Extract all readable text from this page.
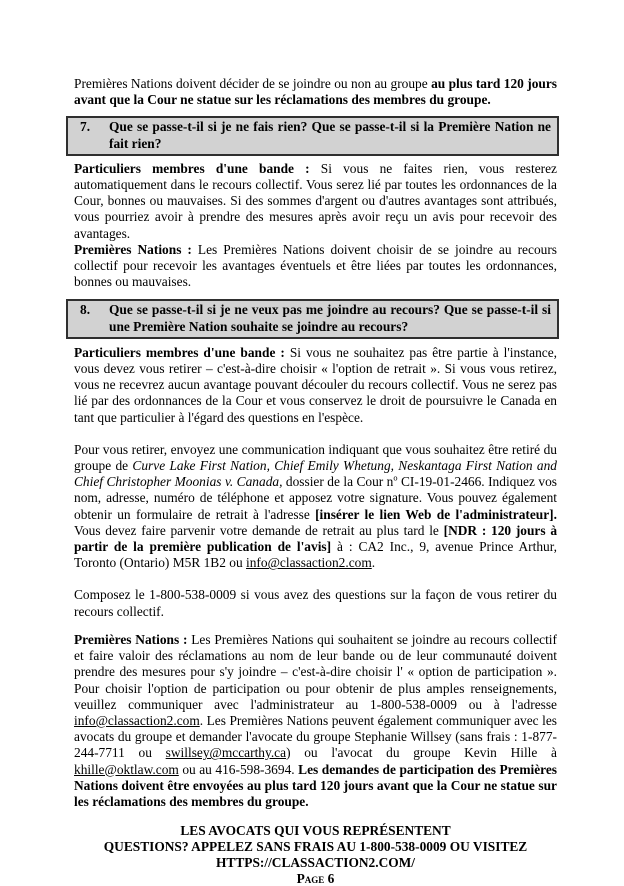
Premières Nations doivent décider de se joindre ou non au groupe au plus tard 120 jours avant que la Cour ne statue sur les réclamations des membres du groupe.

7.	Que se passe-t-il si je ne fais rien? Que se passe-t-il si la Première Nation ne fait rien?

Particuliers membres d'une bande : Si vous ne faites rien, vous resterez automatiquement dans le recours collectif. Vous serez lié par toutes les ordonnances de la Cour, bonnes ou mauvaises. Si des sommes d'argent ou d'autres avantages sont attribués, vous pourriez avoir à prendre des mesures après avoir reçu un avis pour recevoir des avantages.

Premières Nations : Les Premières Nations doivent choisir de se joindre au recours collectif pour recevoir les avantages éventuels et être liées par toutes les ordonnances, bonnes ou mauvaises.

8.	Que se passe-t-il si je ne veux pas me joindre au recours? Que se passe-t-il si une Première Nation souhaite se joindre au recours?

Particuliers membres d'une bande : Si vous ne souhaitez pas être partie à l'instance, vous devez vous retirer – c'est-à-dire choisir « l'option de retrait ». Si vous vous retirez, vous ne recevrez aucun avantage pouvant découler du recours collectif. Vous ne serez pas lié par des ordonnances de la Cour et vous conservez le droit de poursuivre le Canada en tant que particulier à l'égard des questions en l'espèce.

Pour vous retirer, envoyez une communication indiquant que vous souhaitez être retiré du groupe de Curve Lake First Nation, Chief Emily Whetung, Neskantaga First Nation and Chief Christopher Moonias v. Canada, dossier de la Cour $n^o$ CI-19-01-2466. Indiquez vos nom, adresse, numéro de téléphone et apposez votre signature. Vous pouvez également obtenir un formulaire de retrait à l'adresse [insérer le lien Web de l'administrateur]. Vous devez faire parvenir votre demande de retrait au plus tard le [NDR : 120 jours à partir de la première publication de l'avis] à : CA2 Inc., 9, avenue Prince Arthur, Toronto (Ontario) M5R 1B2 ou info@classaction2.com.

Composez le 1-800-538-0009 si vous avez des questions sur la façon de vous retirer du recours collectif.

Premières Nations : Les Premières Nations qui souhaitent se joindre au recours collectif et faire valoir des réclamations au nom de leur bande ou de leur communauté doivent prendre des mesures pour s'y joindre – c'est-à-dire choisir l' « option de participation ». Pour choisir l'option de participation ou pour obtenir de plus amples renseignements, veuillez communiquer avec l'administrateur au 1-800-538-0009 ou à l'adresse info@classaction2.com. Les Premières Nations peuvent également communiquer avec les avocats du groupe et demander l'avocate du groupe Stephanie Willsey (sans frais : 1-877-244-7711 ou swillsey@mccarthy.ca) ou l'avocat du groupe Kevin Hille à khille@oktlaw.com ou au 416-598-3694. Les demandes de participation des Premières Nations doivent être envoyées au plus tard 120 jours avant que la Cour ne statue sur les réclamations des membres du groupe.

LES AVOCATS QUI VOUS REPRÉSENTENT

QUESTIONS? APPELEZ SANS FRAIS AU 1-800-538-0009 OU VISITEZ

HTTPS://CLASSACTION2.COM/

Page 6
